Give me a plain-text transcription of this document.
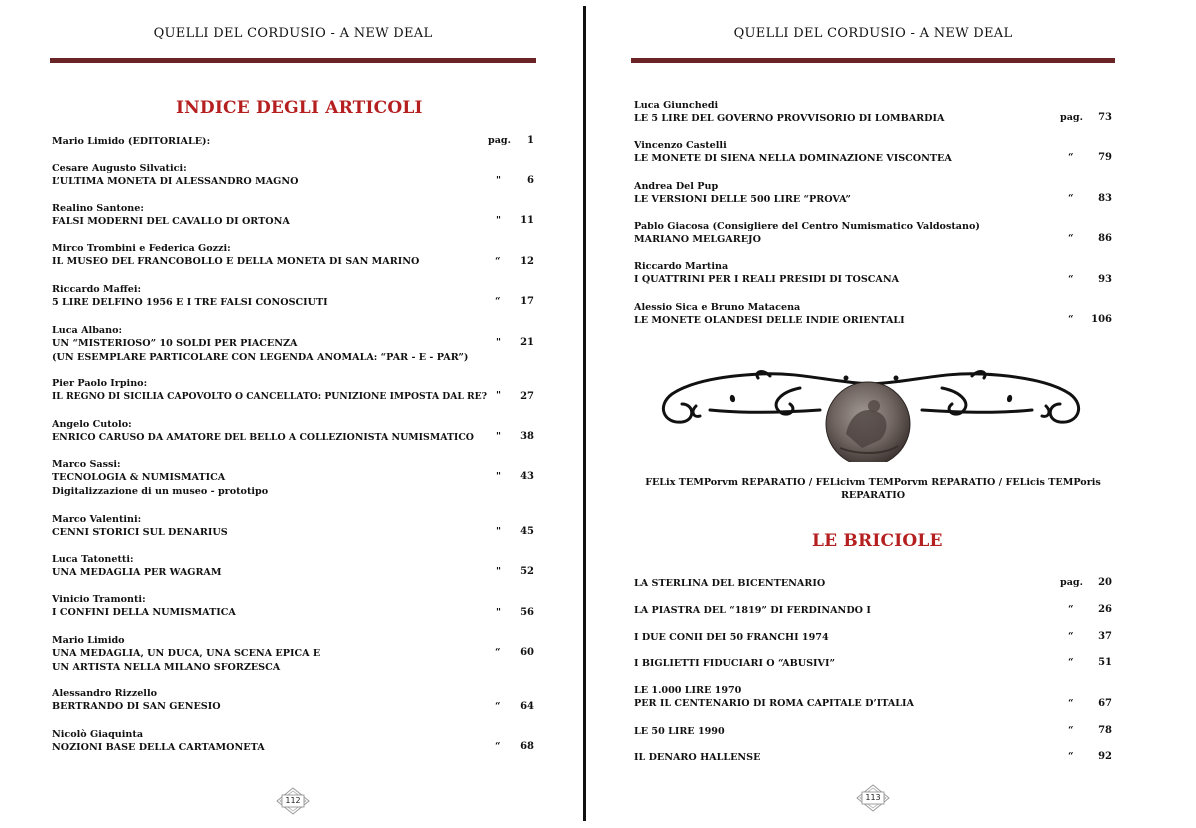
QUELLI DEL CORDUSIO - A NEW DEAL
INDICE DEGLI ARTICOLI
Mario Limido (EDITORIALE):	pag.	1
Cesare Augusto Silvatici:
L’ULTIMA MONETA DI ALESSANDRO MAGNO	"	6
Realino Santone:
FALSI MODERNI DEL CAVALLO DI ORTONA	"	11
Mirco Trombini e Federica Gozzi:
IL MUSEO DEL FRANCOBOLLO E DELLA MONETA DI SAN MARINO	“	12
Riccardo Maffei:
5 LIRE DELFINO 1956 E I TRE FALSI CONOSCIUTI	“	17
Luca Albano:
UN “MISTERIOSO” 10 SOLDI PER PIACENZA
(UN ESEMPLARE PARTICOLARE CON LEGENDA ANOMALA: “PAR - E - PAR”)
"	21
Pier Paolo Irpino:
IL REGNO DI SICILIA CAPOVOLTO O CANCELLATO: PUNIZIONE IMPOSTA DAL RE? "	27
Angelo Cutolo:
ENRICO CARUSO DA AMATORE DEL BELLO A COLLEZIONISTA NUMISMATICO "	38
Marco Sassi:
TECNOLOGIA & NUMISMATICA
Digitalizzazione di un museo - prototipo
"	43
Marco Valentini:
CENNI STORICI SUL DENARIUS	"	45
Luca Tatonetti:
UNA MEDAGLIA PER WAGRAM	"	52
Vinicio Tramonti:
I CONFINI DELLA NUMISMATICA	"	56
Mario Limido
UNA MEDAGLIA, UN DUCA, UNA SCENA EPICA E
UN ARTISTA NELLA MILANO SFORZESCA
“	60
Alessandro Rizzello
BERTRANDO DI SAN GENESIO	“	64
Nicolò Giaquinta
NOZIONI BASE DELLA CARTAMONETA	“	68
112
QUELLI DEL CORDUSIO - A NEW DEAL
Luca Giunchedi
LE 5 LIRE DEL GOVERNO PROVVISORIO DI LOMBARDIA	pag.	73
Vincenzo Castelli
LE MONETE DI SIENA NELLA DOMINAZIONE VISCONTEA	“	79
Andrea Del Pup
LE VERSIONI DELLE 500 LIRE “PROVA”	“	83
Pablo Giacosa (Consigliere del Centro Numismatico Valdostano)
MARIANO MELGAREJO	“	86
Riccardo Martina
I QUATTRINI PER I REALI PRESIDI DI TOSCANA	“	93
Alessio Sica e Bruno Matacena
LE MONETE OLANDESI DELLE INDIE ORIENTALI	“	106
FELix TEMPorvm REPARATIO / FELicivm TEMPorvm REPARATIO / FELicis TEMPoris
REPARATIO
LE BRICIOLE
LA STERLINA DEL BICENTENARIO	pag.	20
LA PIASTRA DEL “1819” DI FERDINANDO I	“	26
I DUE CONII DEI 50 FRANCHI 1974	“	37
I BIGLIETTI FIDUCIARI O “ABUSIVI”	“	51
LE 1.000 LIRE 1970
PER IL CENTENARIO DI ROMA CAPITALE D’ITALIA	“	67
LE 50 LIRE 1990	“	78
IL DENARO HALLENSE	“	92
113
